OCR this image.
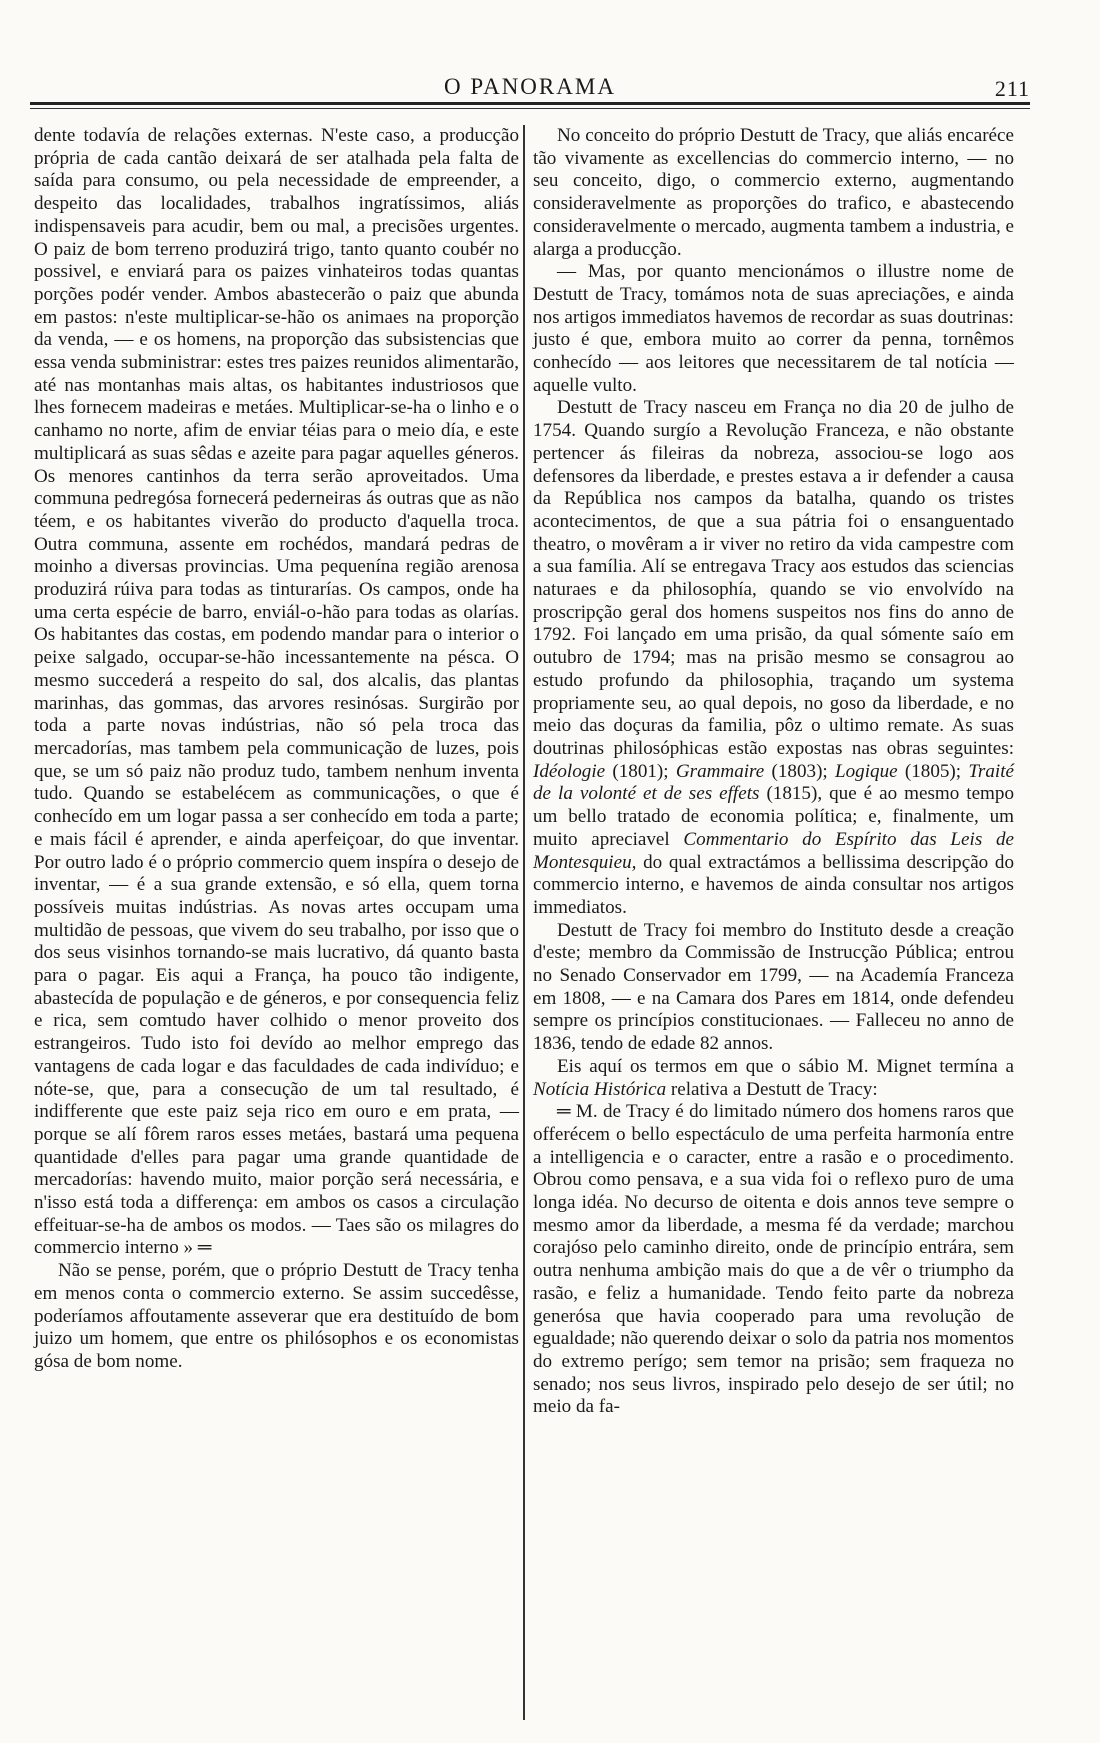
O PANORAMA	211

dente todavía de relações externas. N'este caso, a producção própria de cada cantão deixará de ser atalhada pela falta de saída para consumo, ou pela necessidade de empreender, a despeito das localidades, trabalhos ingratíssimos, aliás indispensaveis para acudir, bem ou mal, a precisões urgentes. O paiz de bom terreno produzirá trigo, tanto quanto coubér no possivel, e enviará para os paizes vinhateiros todas quantas porções podér vender. Ambos abastecerão o paiz que abunda em pastos: n'este multiplicar-se-hão os animaes na proporção da venda, — e os homens, na proporção das subsistencias que essa venda subministrar: estes tres paizes reunidos alimentarão, até nas montanhas mais altas, os habitantes industriosos que lhes fornecem madeiras e metáes. Multiplicar-se-ha o linho e o canhamo no norte, afim de enviar téias para o meio día, e este multiplicará as suas sêdas e azeite para pagar aquelles géneros. Os menores cantinhos da terra serão aproveitados. Uma communa pedregósa fornecerá pederneiras ás outras que as não téem, e os habitantes viverão do producto d'aquella troca. Outra communa, assente em rochédos, mandará pedras de moinho a diversas provincias. Uma pequenína região arenosa produzirá rúiva para todas as tinturarías. Os campos, onde ha uma certa espécie de barro, enviál-o-hão para todas as olarías. Os habitantes das costas, em podendo mandar para o interior o peixe salgado, occupar-se-hão incessantemente na pésca. O mesmo succederá a respeito do sal, dos alcalis, das plantas marinhas, das gommas, das arvores resinósas. Surgirão por toda a parte novas indústrias, não só pela troca das mercadorías, mas tambem pela communicação de luzes, pois que, se um só paiz não produz tudo, tambem nenhum inventa tudo. Quando se estabelécem as communicações, o que é conhecído em um logar passa a ser conhecído em toda a parte; e mais fácil é aprender, e ainda aperfeiçoar, do que inventar. Por outro lado é o próprio commercio quem inspíra o desejo de inventar, — é a sua grande extensão, e só ella, quem torna possíveis muitas indústrias. As novas artes occupam uma multidão de pessoas, que vivem do seu trabalho, por isso que o dos seus visinhos tornando-se mais lucrativo, dá quanto basta para o pagar. Eis aqui a França, ha pouco tão indigente, abastecída de população e de géneros, e por consequencia feliz e rica, sem comtudo haver colhido o menor proveito dos estrangeiros. Tudo isto foi devído ao melhor emprego das vantagens de cada logar e das faculdades de cada indivíduo; e nóte-se, que, para a consecução de um tal resultado, é indifferente que este paiz seja rico em ouro e em prata, — porque se alí fôrem raros esses metáes, bastará uma pequena quantidade d'elles para pagar uma grande quantidade de mercadorías: havendo muito, maior porção será necessária, e n'isso está toda a differença: em ambos os casos a circulação effeituar-se-ha de ambos os modos. — Taes são os milagres do commercio interno » ═

Não se pense, porém, que o próprio Destutt de Tracy tenha em menos conta o commercio externo. Se assim succedêsse, poderíamos affoutamente asseverar que era destituído de bom juizo um homem, que entre os philósophos e os economistas gósa de bom nome.

No conceito do próprio Destutt de Tracy, que aliás encaréce tão vivamente as excellencias do commercio interno, — no seu conceito, digo, o commercio externo, augmentando consideravelmente as proporções do trafico, e abastecendo consideravelmente o mercado, augmenta tambem a industria, e alarga a producção.

— Mas, por quanto mencionámos o illustre nome de Destutt de Tracy, tomámos nota de suas apreciações, e ainda nos artigos immediatos havemos de recordar as suas doutrinas: justo é que, embora muito ao correr da penna, tornêmos conhecído — aos leitores que necessitarem de tal notícia — aquelle vulto.

Destutt de Tracy nasceu em França no dia 20 de julho de 1754. Quando surgío a Revolução Franceza, e não obstante pertencer ás fileiras da nobreza, associou-se logo aos defensores da liberdade, e prestes estava a ir defender a causa da República nos campos da batalha, quando os tristes acontecimentos, de que a sua pátria foi o ensanguentado theatro, o movêram a ir viver no retiro da vida campestre com a sua família. Alí se entregava Tracy aos estudos das sciencias naturaes e da philosophía, quando se vio envolvído na proscripção geral dos homens suspeitos nos fins do anno de 1792. Foi lançado em uma prisão, da qual sómente saío em outubro de 1794; mas na prisão mesmo se consagrou ao estudo profundo da philosophia, traçando um systema propriamente seu, ao qual depois, no goso da liberdade, e no meio das doçuras da familia, pôz o ultimo remate. As suas doutrinas philosóphicas estão expostas nas obras seguintes: Idéologie (1801); Grammaire (1803); Logique (1805); Traité de la volonté et de ses effets (1815), que é ao mesmo tempo um bello tratado de economia política; e, finalmente, um muito apreciavel Commentario do Espírito das Leis de Montesquieu, do qual extractámos a bellissima descripção do commercio interno, e havemos de ainda consultar nos artigos immediatos.

Destutt de Tracy foi membro do Instituto desde a creação d'este; membro da Commissão de Instrucção Pública; entrou no Senado Conservador em 1799, — na Academía Franceza em 1808, — e na Camara dos Pares em 1814, onde defendeu sempre os princípios constitucionaes. — Falleceu no anno de 1836, tendo de edade 82 annos.

Eis aquí os termos em que o sábio M. Mignet termína a Notícia Histórica relativa a Destutt de Tracy:

═ M. de Tracy é do limitado número dos homens raros que offerécem o bello espectáculo de uma perfeita harmonía entre a intelligencia e o caracter, entre a rasão e o procedimento. Obrou como pensava, e a sua vida foi o reflexo puro de uma longa idéa. No decurso de oitenta e dois annos teve sempre o mesmo amor da liberdade, a mesma fé da verdade; marchou corajóso pelo caminho direito, onde de princípio entrára, sem outra nenhuma ambição mais do que a de vêr o triumpho da rasão, e feliz a humanidade. Tendo feito parte da nobreza generósa que havia cooperado para uma revolução de egualdade; não querendo deixar o solo da patria nos momentos do extremo perígo; sem temor na prisão; sem fraqueza no senado; nos seus livros, inspirado pelo desejo de ser útil; no meio da fa-
